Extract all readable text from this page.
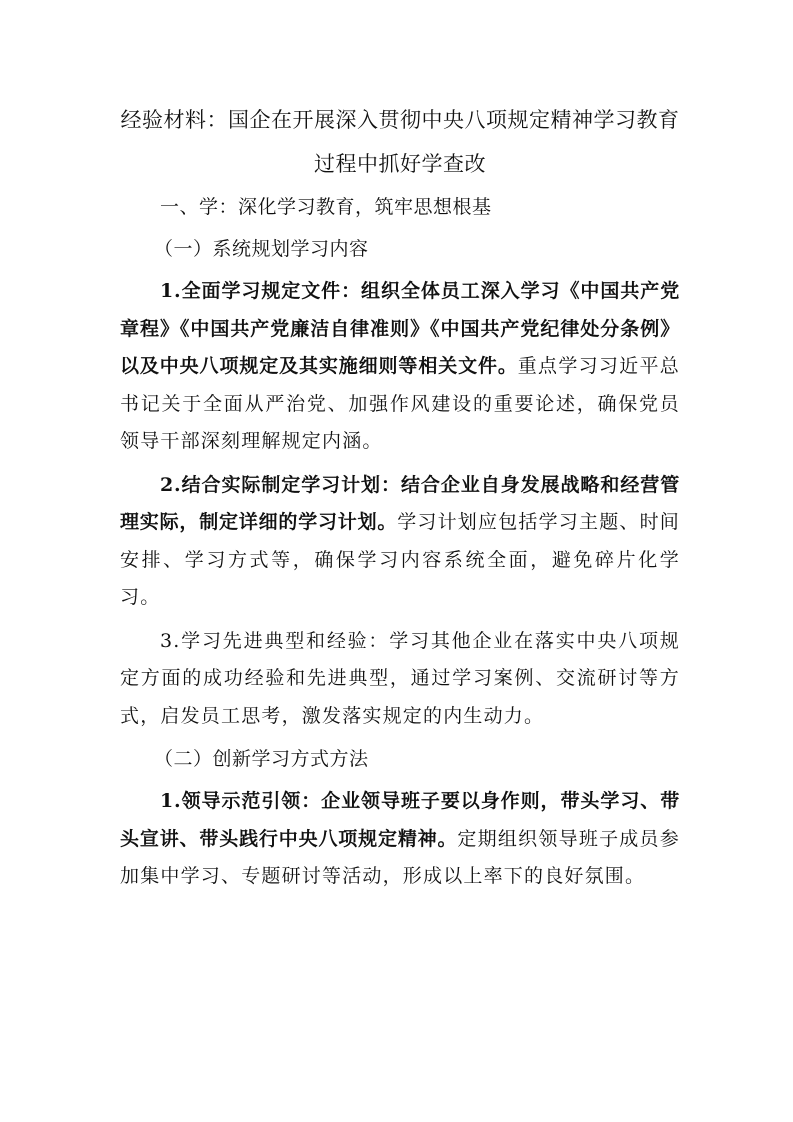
经验材料：国企在开展深入贯彻中央八项规定精神学习教育
过程中抓好学查改

一、学：深化学习教育，筑牢思想根基

（一）系统规划学习内容

1.全面学习规定文件：组织全体员工深入学习《中国共产党章程》《中国共产党廉洁自律准则》《中国共产党纪律处分条例》以及中央八项规定及其实施细则等相关文件。重点学习习近平总书记关于全面从严治党、加强作风建设的重要论述，确保党员领导干部深刻理解规定内涵。

2.结合实际制定学习计划：结合企业自身发展战略和经营管理实际，制定详细的学习计划。学习计划应包括学习主题、时间安排、学习方式等，确保学习内容系统全面，避免碎片化学习。

3.学习先进典型和经验：学习其他企业在落实中央八项规定方面的成功经验和先进典型，通过学习案例、交流研讨等方式，启发员工思考，激发落实规定的内生动力。

（二）创新学习方式方法

1.领导示范引领：企业领导班子要以身作则，带头学习、带头宣讲、带头践行中央八项规定精神。定期组织领导班子成员参加集中学习、专题研讨等活动，形成以上率下的良好氛围。
